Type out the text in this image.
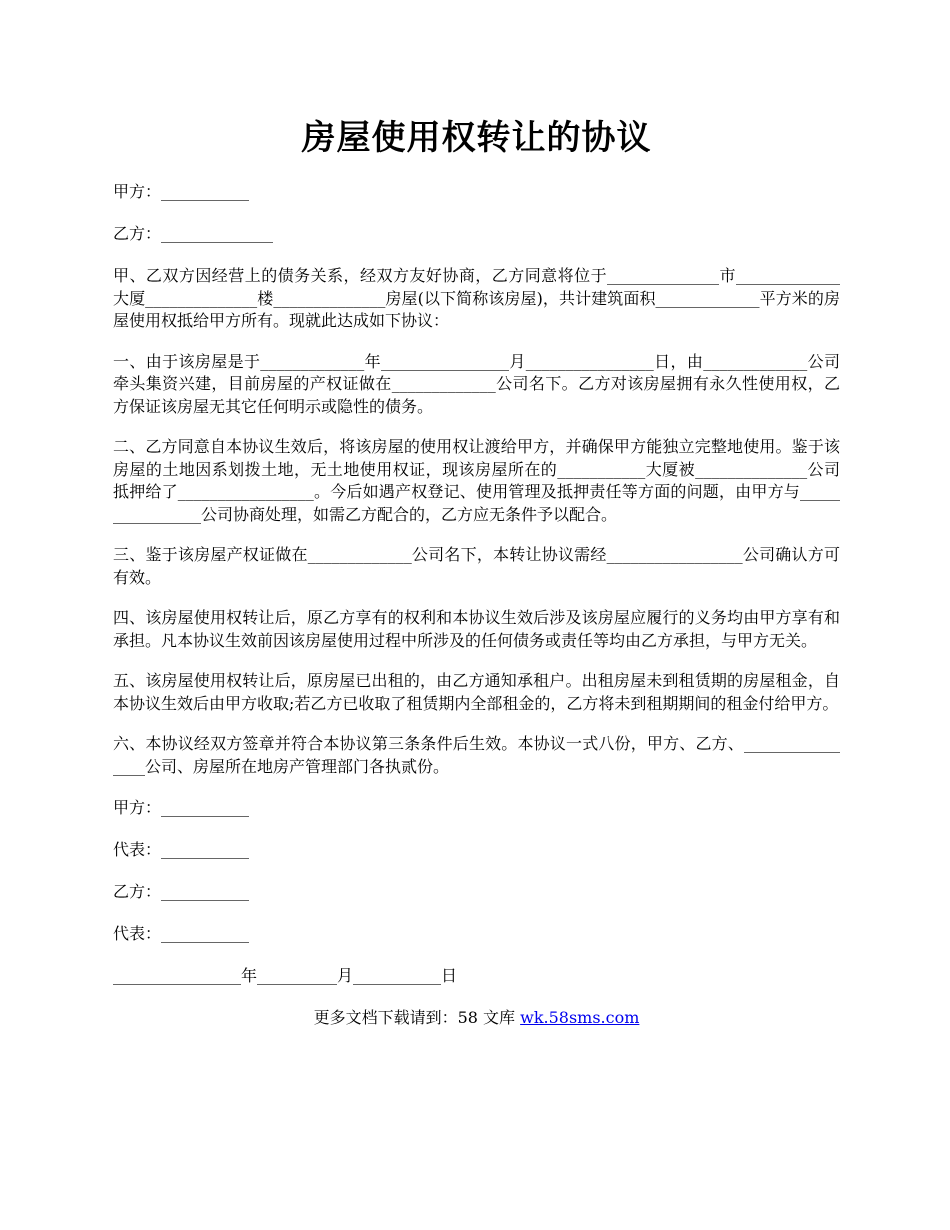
房屋使用权转让的协议

甲方：___________

乙方：______________

甲、乙双方因经营上的债务关系，经双方友好协商，乙方同意将位于______________市_____________大厦______________楼______________房屋(以下简称该房屋)，共计建筑面积_____________平方米的房屋使用权抵给甲方所有。现就此达成如下协议：

一、由于该房屋是于_____________年________________月________________日，由_____________公司牵头集资兴建，目前房屋的产权证做在_____________公司名下。乙方对该房屋拥有永久性使用权，乙方保证该房屋无其它任何明示或隐性的债务。

二、乙方同意自本协议生效后，将该房屋的使用权让渡给甲方，并确保甲方能独立完整地使用。鉴于该房屋的土地因系划拨土地，无土地使用权证，现该房屋所在的___________大厦被______________公司抵押给了_________________。今后如遇产权登记、使用管理及抵押责任等方面的问题，由甲方与________________公司协商处理，如需乙方配合的，乙方应无条件予以配合。

三、鉴于该房屋产权证做在_____________公司名下，本转让协议需经_________________公司确认方可有效。

四、该房屋使用权转让后，原乙方享有的权利和本协议生效后涉及该房屋应履行的义务均由甲方享有和承担。凡本协议生效前因该房屋使用过程中所涉及的任何债务或责任等均由乙方承担，与甲方无关。

五、该房屋使用权转让后，原房屋已出租的，由乙方通知承租户。出租房屋未到租赁期的房屋租金，自本协议生效后由甲方收取;若乙方已收取了租赁期内全部租金的，乙方将未到租期期间的租金付给甲方。

六、本协议经双方签章并符合本协议第三条条件后生效。本协议一式八份，甲方、乙方、________________公司、房屋所在地房产管理部门各执贰份。

甲方：___________

代表：___________

乙方：___________

代表：___________

________________年__________月___________日

更多文档下载请到：58 文库 wk.58sms.com
